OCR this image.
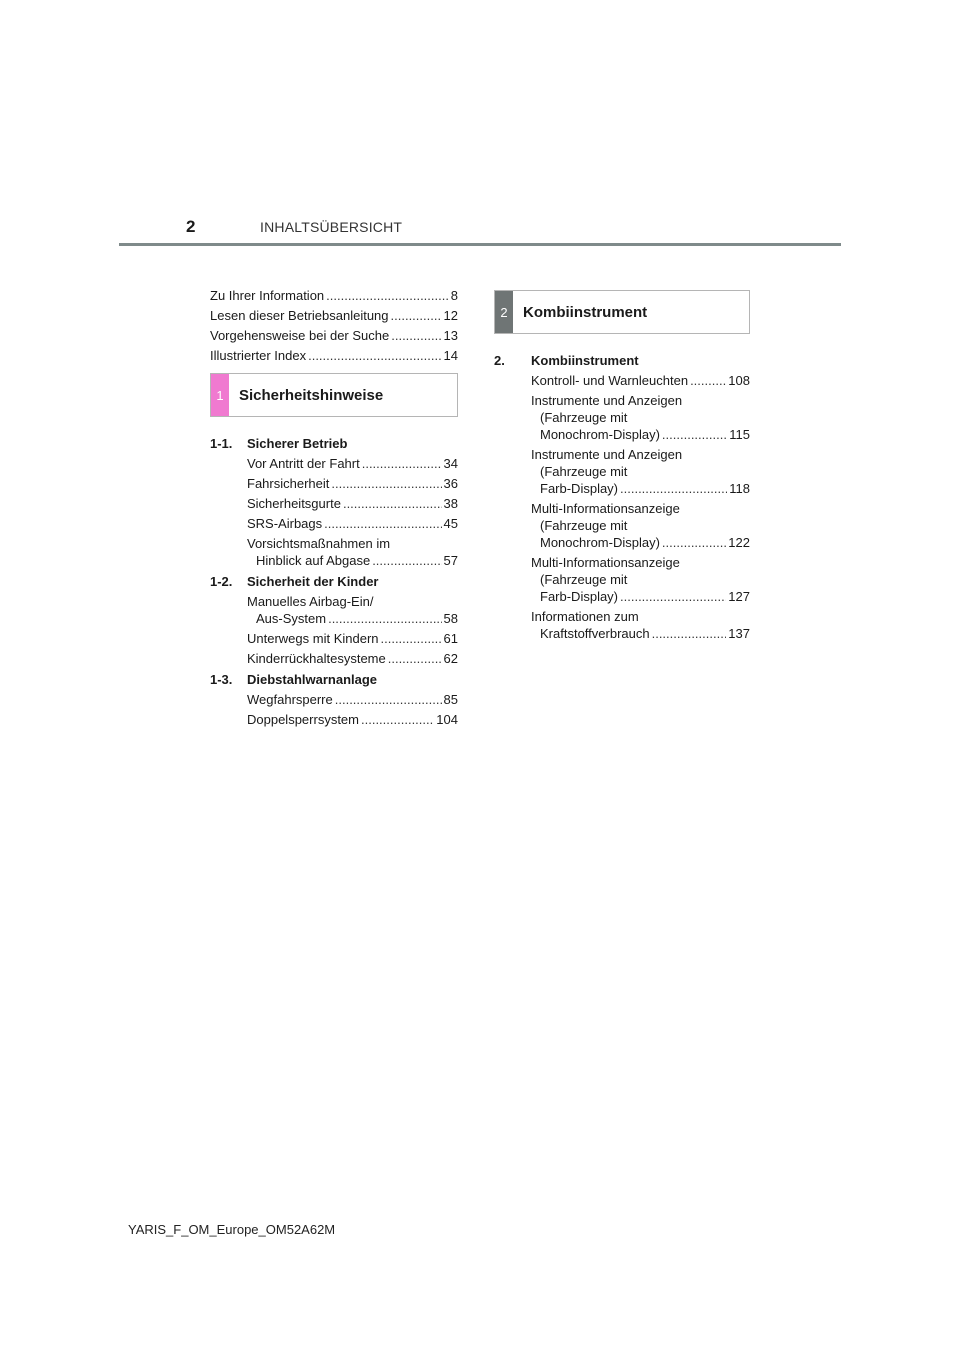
2	INHALTSÜBERSICHT
Zu Ihrer Information .....	8
Lesen dieser Betriebsanleitung .....	12
Vorgehensweise bei der Suche .....	13
Illustrierter Index .....	14
1	Sicherheitshinweise
1-1.	Sicherer Betrieb
Vor Antritt der Fahrt .....	34
Fahrsicherheit .....	36
Sicherheitsgurte .....	38
SRS-Airbags .....	45
Vorsichtsmaßnahmen im
Hinblick auf Abgase .....	57
1-2.	Sicherheit der Kinder
Manuelles Airbag-Ein/
Aus-System .....	58
Unterwegs mit Kindern .....	61
Kinderrückhaltesysteme .....	62
1-3.	Diebstahlwarnanlage
Wegfahrsperre .....	85
Doppelsperrsystem .....	104
2	Kombiinstrument
2.	Kombiinstrument
Kontroll- und Warnleuchten .....	108
Instrumente und Anzeigen
(Fahrzeuge mit
Monochrom-Display) .....	115
Instrumente und Anzeigen
(Fahrzeuge mit
Farb-Display) .....	118
Multi-Informationsanzeige
(Fahrzeuge mit
Monochrom-Display) .....	122
Multi-Informationsanzeige
(Fahrzeuge mit
Farb-Display) .....	127
Informationen zum
Kraftstoffverbrauch .....	137
YARIS_F_OM_Europe_OM52A62M
